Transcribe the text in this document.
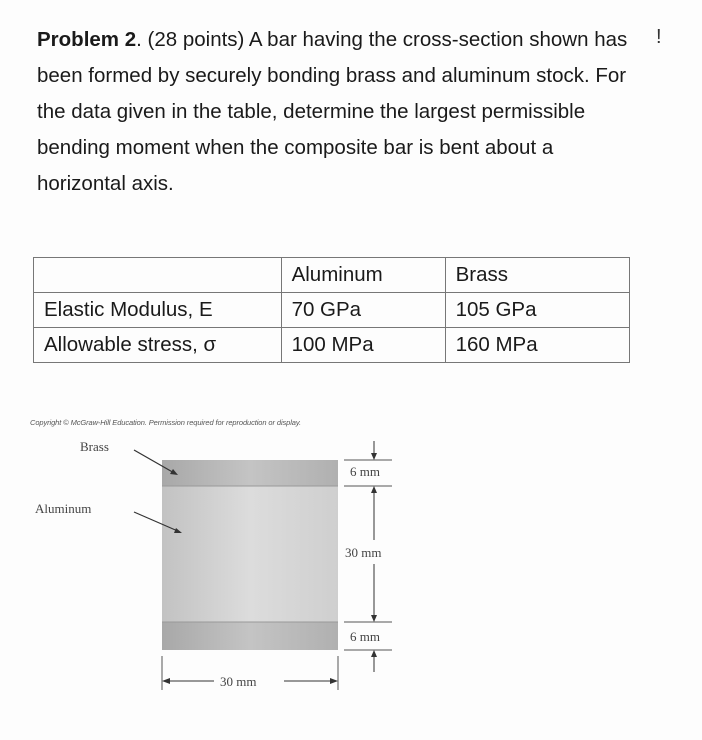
Problem 2. (28 points) A bar having the cross-section shown has been formed by securely bonding brass and aluminum stock. For the data given in the table, determine the largest permissible bending moment when the composite bar is bent about a horizontal axis.

!
	Aluminum	Brass
Elastic Modulus, E	70 GPa	105 GPa
Allowable stress, σ	100 MPa	160 MPa
Copyright © McGraw-Hill Education. Permission required for reproduction or display.
Brass
Aluminum
6 mm
30 mm
6 mm
30 mm
